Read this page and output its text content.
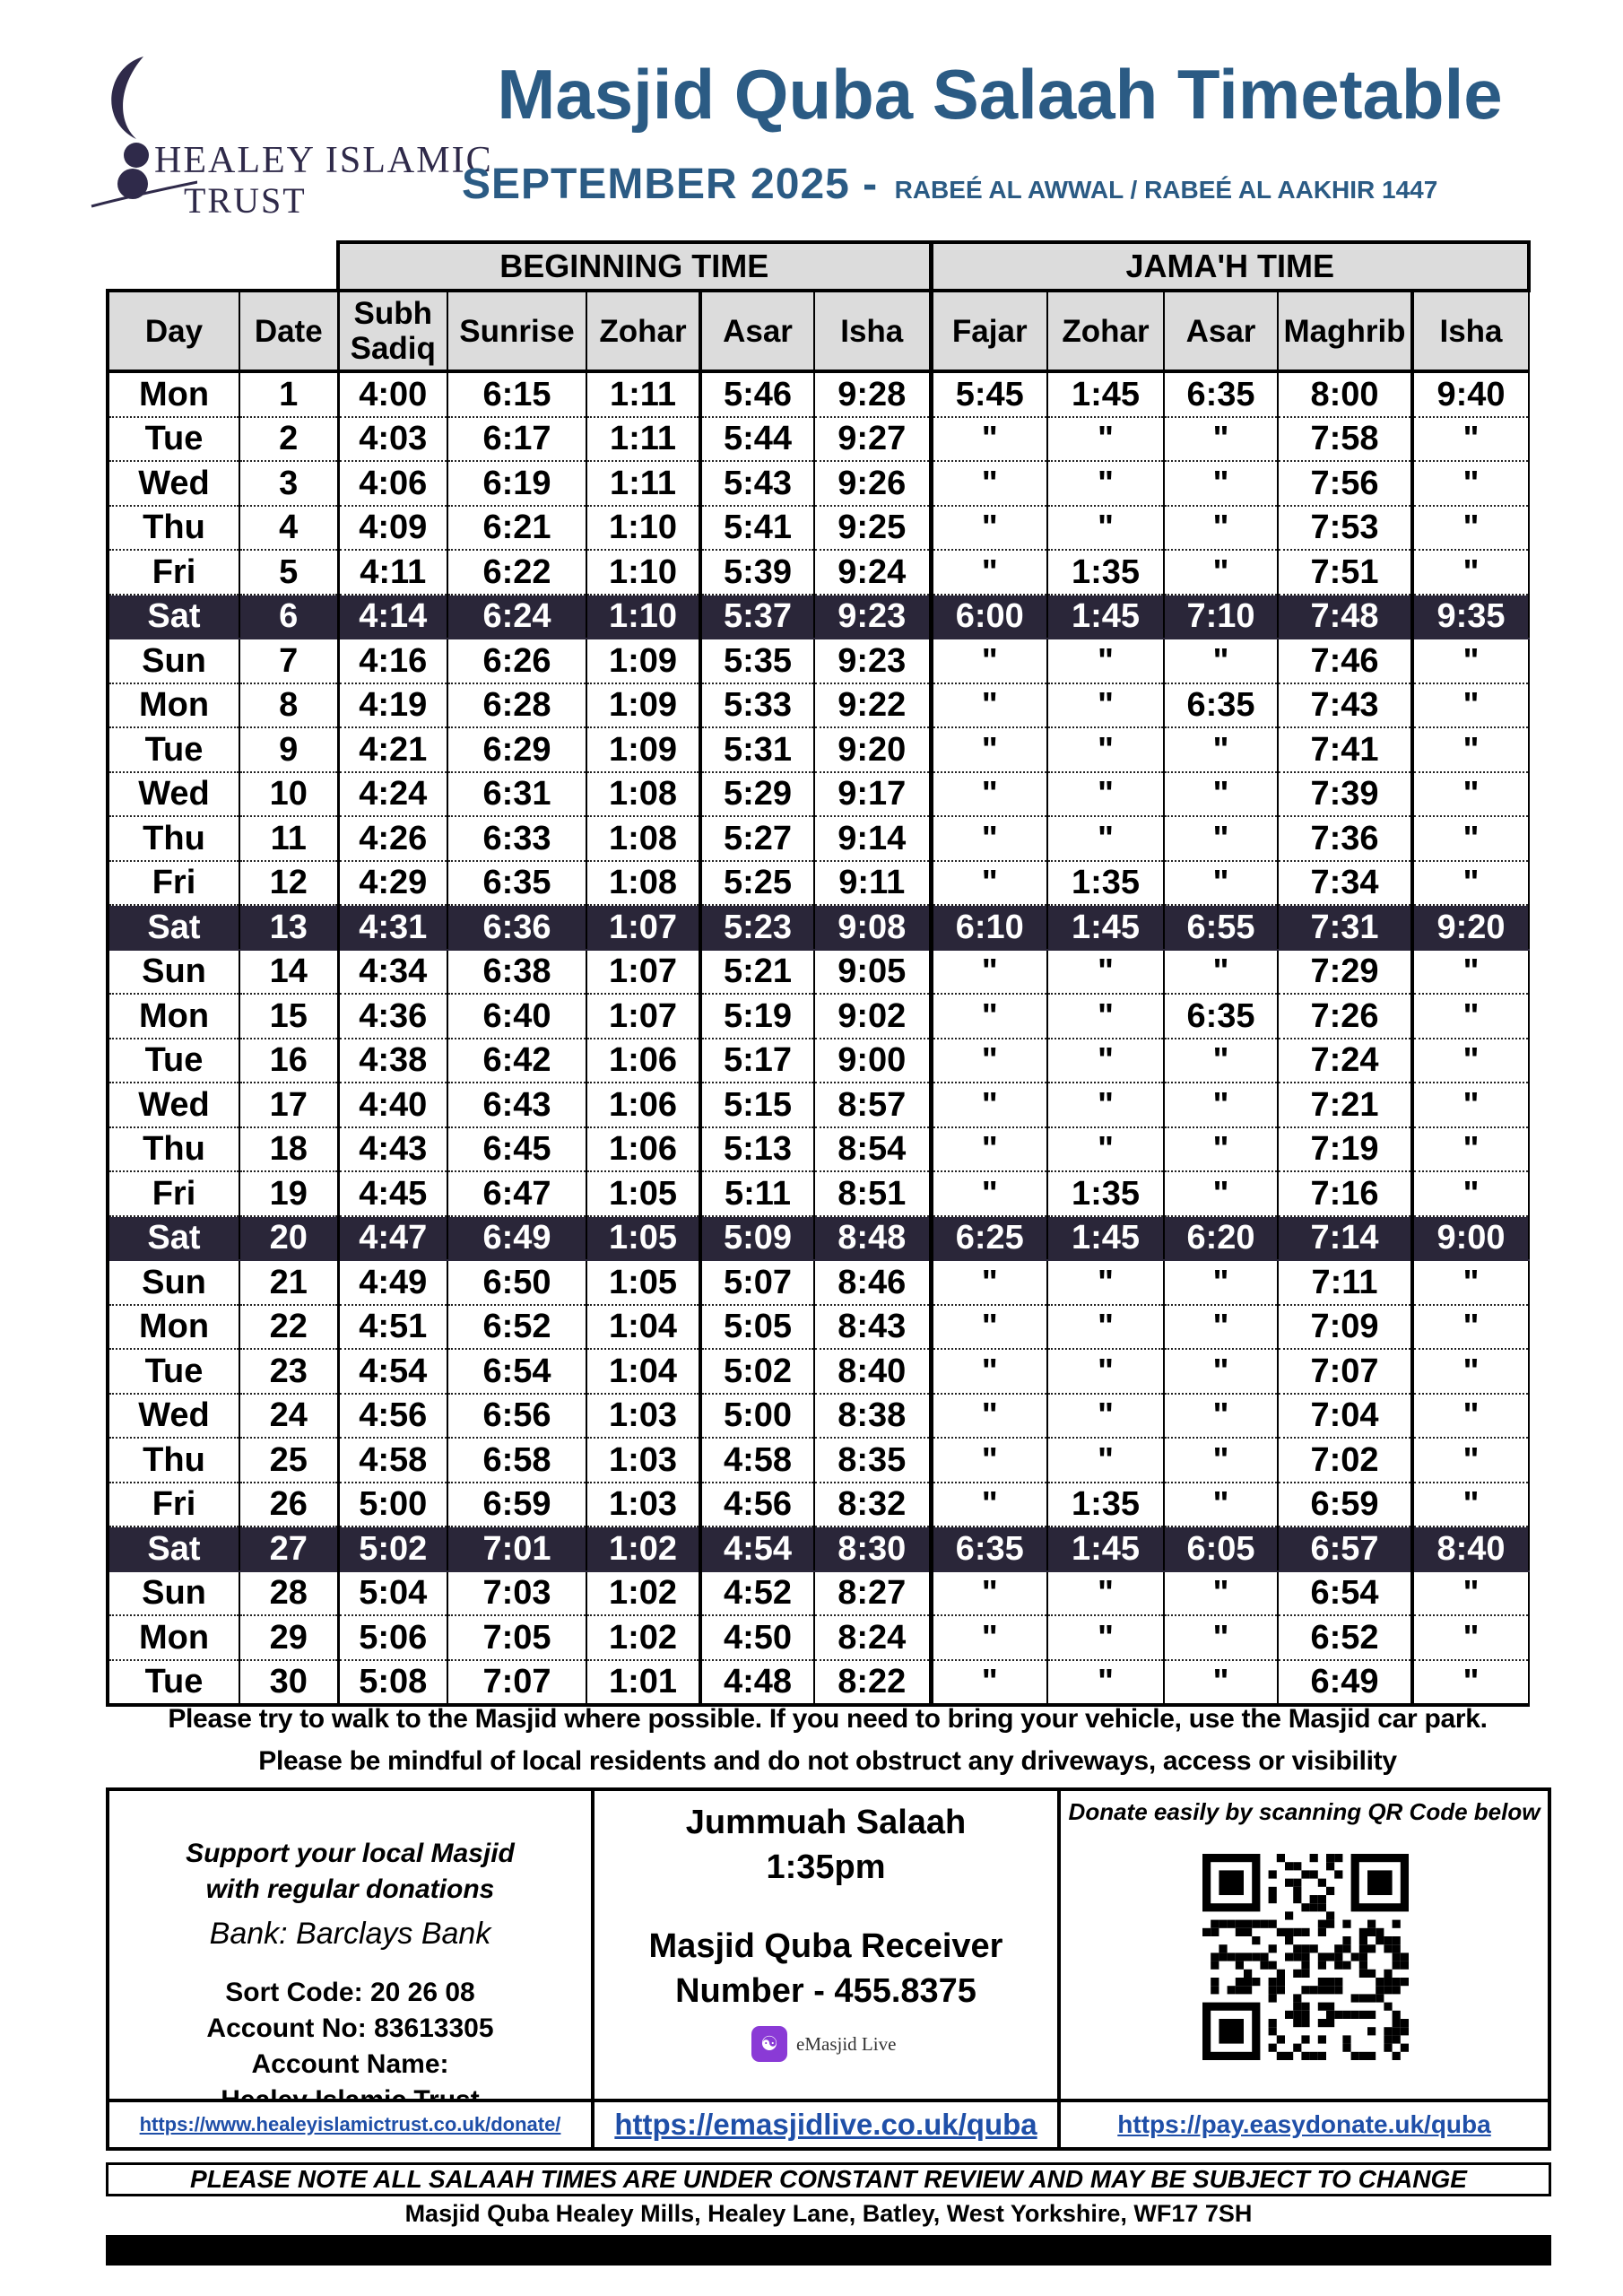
HEALEY ISLAMIC
TRUST
Masjid Quba Salaah Timetable
SEPTEMBER 2025 - RABEÉ AL AWWAL / RABEÉ AL AAKHIR 1447
		BEGINNING TIME					JAMA'H TIME				
Day	Date	Subh Sadiq	Sunrise	Zohar	Asar	Isha	Fajar	Zohar	Asar	Maghrib	Isha
Mon	1	4:00	6:15	1:11	5:46	9:28	5:45	1:45	6:35	8:00	9:40
Tue	2	4:03	6:17	1:11	5:44	9:27	"	"	"	7:58	"
Wed	3	4:06	6:19	1:11	5:43	9:26	"	"	"	7:56	"
Thu	4	4:09	6:21	1:10	5:41	9:25	"	"	"	7:53	"
Fri	5	4:11	6:22	1:10	5:39	9:24	"	1:35	"	7:51	"
Sat	6	4:14	6:24	1:10	5:37	9:23	6:00	1:45	7:10	7:48	9:35
Sun	7	4:16	6:26	1:09	5:35	9:23	"	"	"	7:46	"
Mon	8	4:19	6:28	1:09	5:33	9:22	"	"	6:35	7:43	"
Tue	9	4:21	6:29	1:09	5:31	9:20	"	"	"	7:41	"
Wed	10	4:24	6:31	1:08	5:29	9:17	"	"	"	7:39	"
Thu	11	4:26	6:33	1:08	5:27	9:14	"	"	"	7:36	"
Fri	12	4:29	6:35	1:08	5:25	9:11	"	1:35	"	7:34	"
Sat	13	4:31	6:36	1:07	5:23	9:08	6:10	1:45	6:55	7:31	9:20
Sun	14	4:34	6:38	1:07	5:21	9:05	"	"	"	7:29	"
Mon	15	4:36	6:40	1:07	5:19	9:02	"	"	6:35	7:26	"
Tue	16	4:38	6:42	1:06	5:17	9:00	"	"	"	7:24	"
Wed	17	4:40	6:43	1:06	5:15	8:57	"	"	"	7:21	"
Thu	18	4:43	6:45	1:06	5:13	8:54	"	"	"	7:19	"
Fri	19	4:45	6:47	1:05	5:11	8:51	"	1:35	"	7:16	"
Sat	20	4:47	6:49	1:05	5:09	8:48	6:25	1:45	6:20	7:14	9:00
Sun	21	4:49	6:50	1:05	5:07	8:46	"	"	"	7:11	"
Mon	22	4:51	6:52	1:04	5:05	8:43	"	"	"	7:09	"
Tue	23	4:54	6:54	1:04	5:02	8:40	"	"	"	7:07	"
Wed	24	4:56	6:56	1:03	5:00	8:38	"	"	"	7:04	"
Thu	25	4:58	6:58	1:03	4:58	8:35	"	"	"	7:02	"
Fri	26	5:00	6:59	1:03	4:56	8:32	"	1:35	"	6:59	"
Sat	27	5:02	7:01	1:02	4:54	8:30	6:35	1:45	6:05	6:57	8:40
Sun	28	5:04	7:03	1:02	4:52	8:27	"	"	"	6:54	"
Mon	29	5:06	7:05	1:02	4:50	8:24	"	"	"	6:52	"
Tue	30	5:08	7:07	1:01	4:48	8:22	"	"	"	6:49	"
Please try to walk to the Masjid where possible. If you need to bring your vehicle, use the Masjid car park.
Please be mindful of local residents and do not obstruct any driveways, access or visibility
Support your local Masjid
with regular donations
Bank: Barclays Bank
Sort Code: 20 26 08
Account No: 83613305
Account Name:
https://www.healeyislamictrust.co.uk/donate/
Jummuah Salaah
1:35pm
Masjid Quba Receiver
Number - 455.8375
☯ eMasjid Live
https://emasjidlive.co.uk/quba
Donate easily by scanning QR Code below
https://pay.easydonate.uk/quba
PLEASE NOTE ALL SALAAH TIMES ARE UNDER CONSTANT REVIEW AND MAY BE SUBJECT TO CHANGE
Masjid Quba Healey Mills, Healey Lane, Batley, West Yorkshire, WF17 7SH
